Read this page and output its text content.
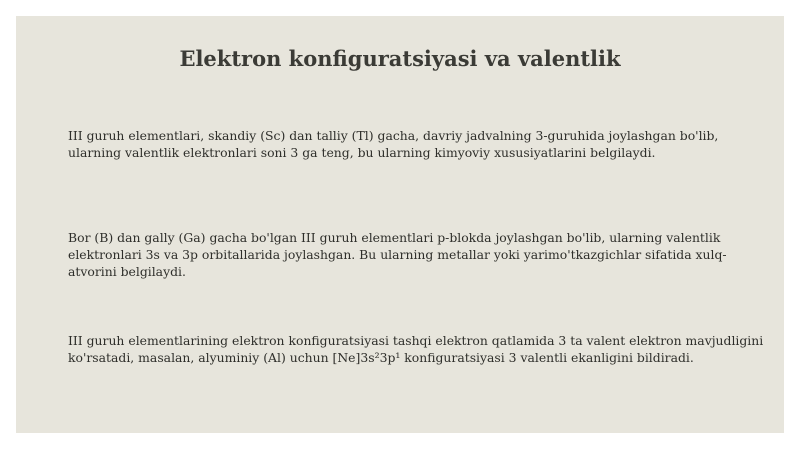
Elektron konfiguratsiyasi va valentlik

III guruh elementlari, skandiy (Sc) dan talliy (Tl) gacha, davriy jadvalning 3-guruhida joylashgan bo'lib, ularning valentlik elektronlari soni 3 ga teng, bu ularning kimyoviy xususiyatlarini belgilaydi.

Bor (B) dan gally (Ga) gacha bo'lgan III guruh elementlari p-blokda joylashgan bo'lib, ularning valentlik elektronlari 3s va 3p orbitallarida joylashgan. Bu ularning metallar yoki yarimo'tkazgichlar sifatida xulq-atvorini belgilaydi.

III guruh elementlarining elektron konfiguratsiyasi tashqi elektron qatlamida 3 ta valent elektron mavjudligini ko'rsatadi, masalan, alyuminiy (Al) uchun [Ne]3s²3p¹ konfiguratsiyasi 3 valentli ekanligini bildiradi.
